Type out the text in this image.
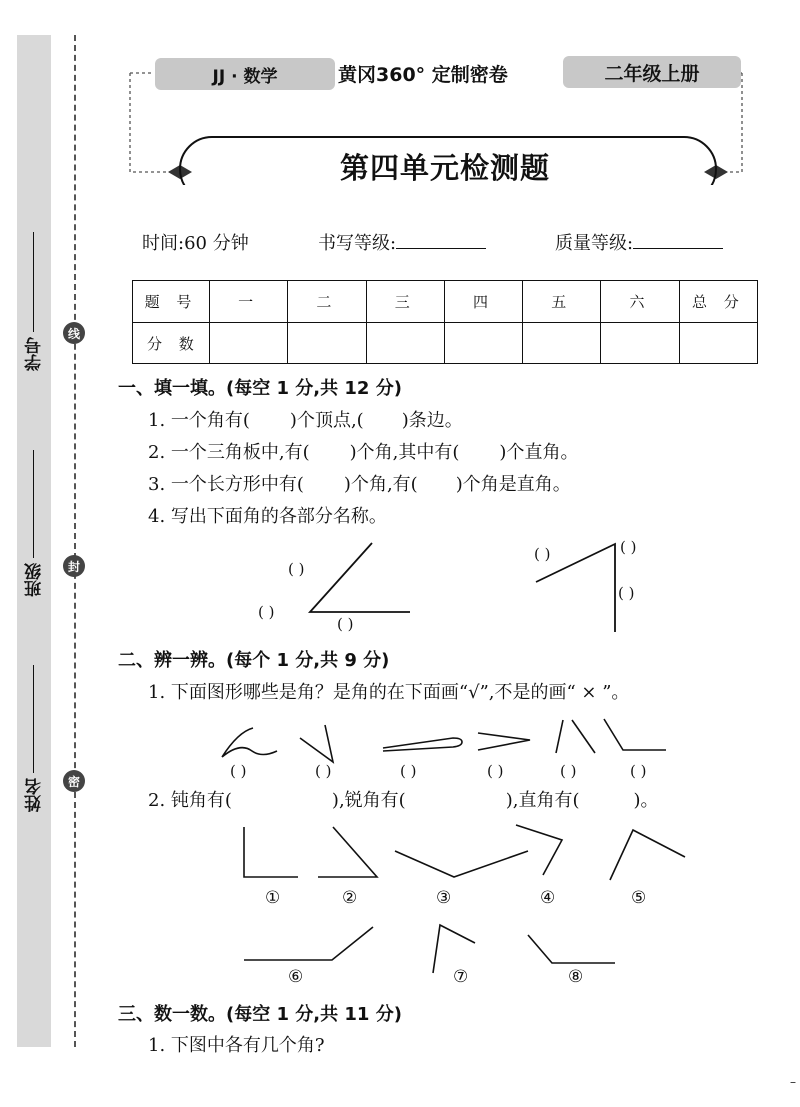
学号
班级
姓名
线
封
密
JJ · 数学	黄冈360° 定制密卷	二年级上册
第四单元检测题
时间:60 分钟	书写等级:	质量等级:
题 号	一	二	三	四	五	六	总 分
分 数							
一、填一填。(每空 1 分,共 12 分)
1. 一个角有( )个顶点,( )条边。
2. 一个三角板中,有( )个角,其中有( )个直角。
3. 一个长方形中有( )个角,有( )个角是直角。
4. 写出下面角的各部分名称。
( )
( )
( )
( )	( )
( )
二、辨一辨。(每个 1 分,共 9 分)
1. 下面图形哪些是角？是角的在下面画“√”,不是的画“ × ”。
( )	( )	( )	( )	( )	( )
2. 钝角有(	),锐角有(	),直角有(	)。
①	②	③	④	⑤
⑥	⑦	⑧
三、数一数。(每空 1 分,共 11 分)
1. 下图中各有几个角?
–
